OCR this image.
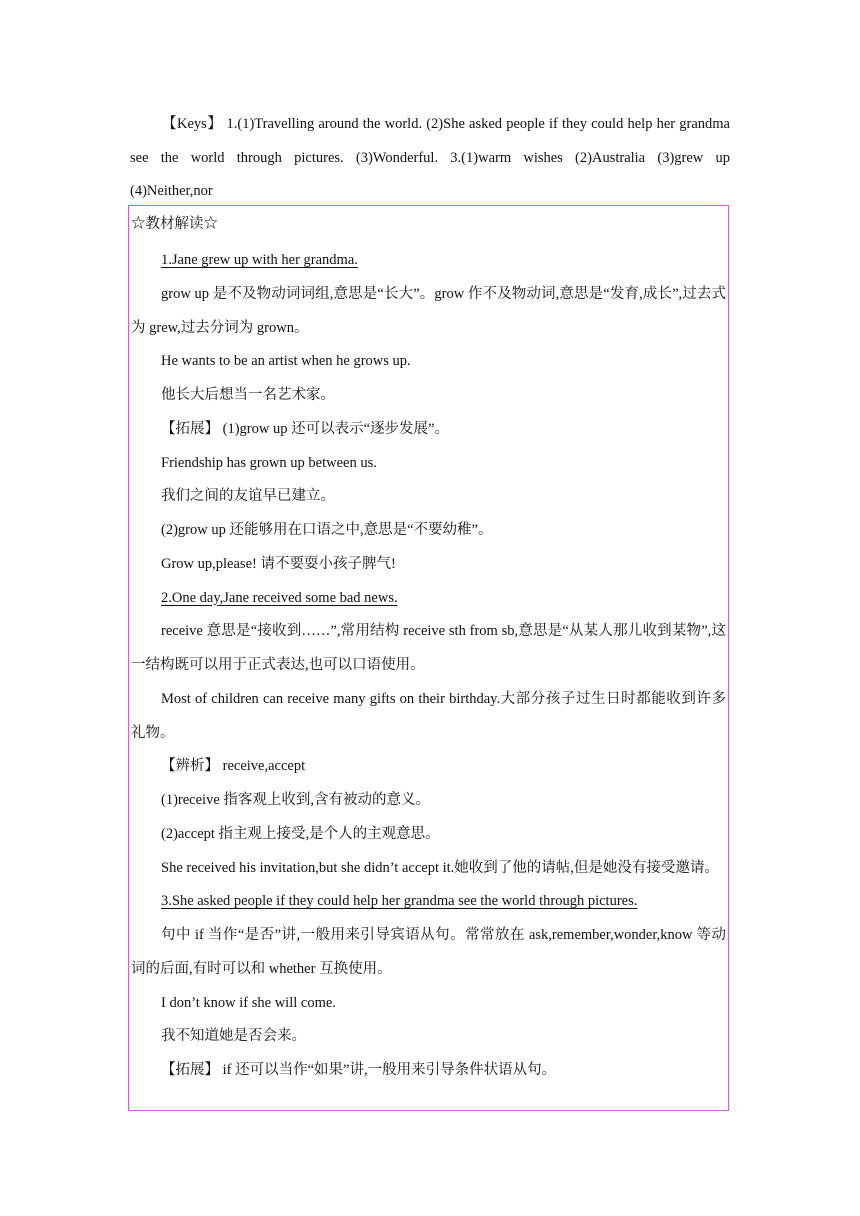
【Keys】 1.(1)Travelling around the world. (2)She asked people if they could help her grandma see the world through pictures. (3)Wonderful. 3.(1)warm wishes (2)Australia (3)grew up (4)Neither,nor
☆教材解读☆
1.Jane grew up with her grandma.
grow up 是不及物动词词组,意思是“长大”。grow 作不及物动词,意思是“发育,成长”,过去式为 grew,过去分词为 grown。
He wants to be an artist when he grows up.
他长大后想当一名艺术家。
【拓展】 (1)grow up 还可以表示“逐步发展”。
Friendship has grown up between us.
我们之间的友谊早已建立。
(2)grow up 还能够用在口语之中,意思是“不要幼稚”。
Grow up,please! 请不要耍小孩子脾气!
2.One day,Jane received some bad news.
receive 意思是“接收到……”,常用结构 receive sth from sb,意思是“从某人那儿收到某物”,这一结构既可以用于正式表达,也可以口语使用。
Most of children can receive many gifts on their birthday.大部分孩子过生日时都能收到许多礼物。
【辨析】 receive,accept
(1)receive 指客观上收到,含有被动的意义。
(2)accept 指主观上接受,是个人的主观意思。
She received his invitation,but she didn’t accept it.她收到了他的请帖,但是她没有接受邀请。
3.She asked people if they could help her grandma see the world through pictures.
句中 if 当作“是否”讲,一般用来引导宾语从句。常常放在 ask,remember,wonder,know 等动词的后面,有时可以和 whether 互换使用。
I don’t know if she will come.
我不知道她是否会来。
【拓展】 if 还可以当作“如果”讲,一般用来引导条件状语从句。
